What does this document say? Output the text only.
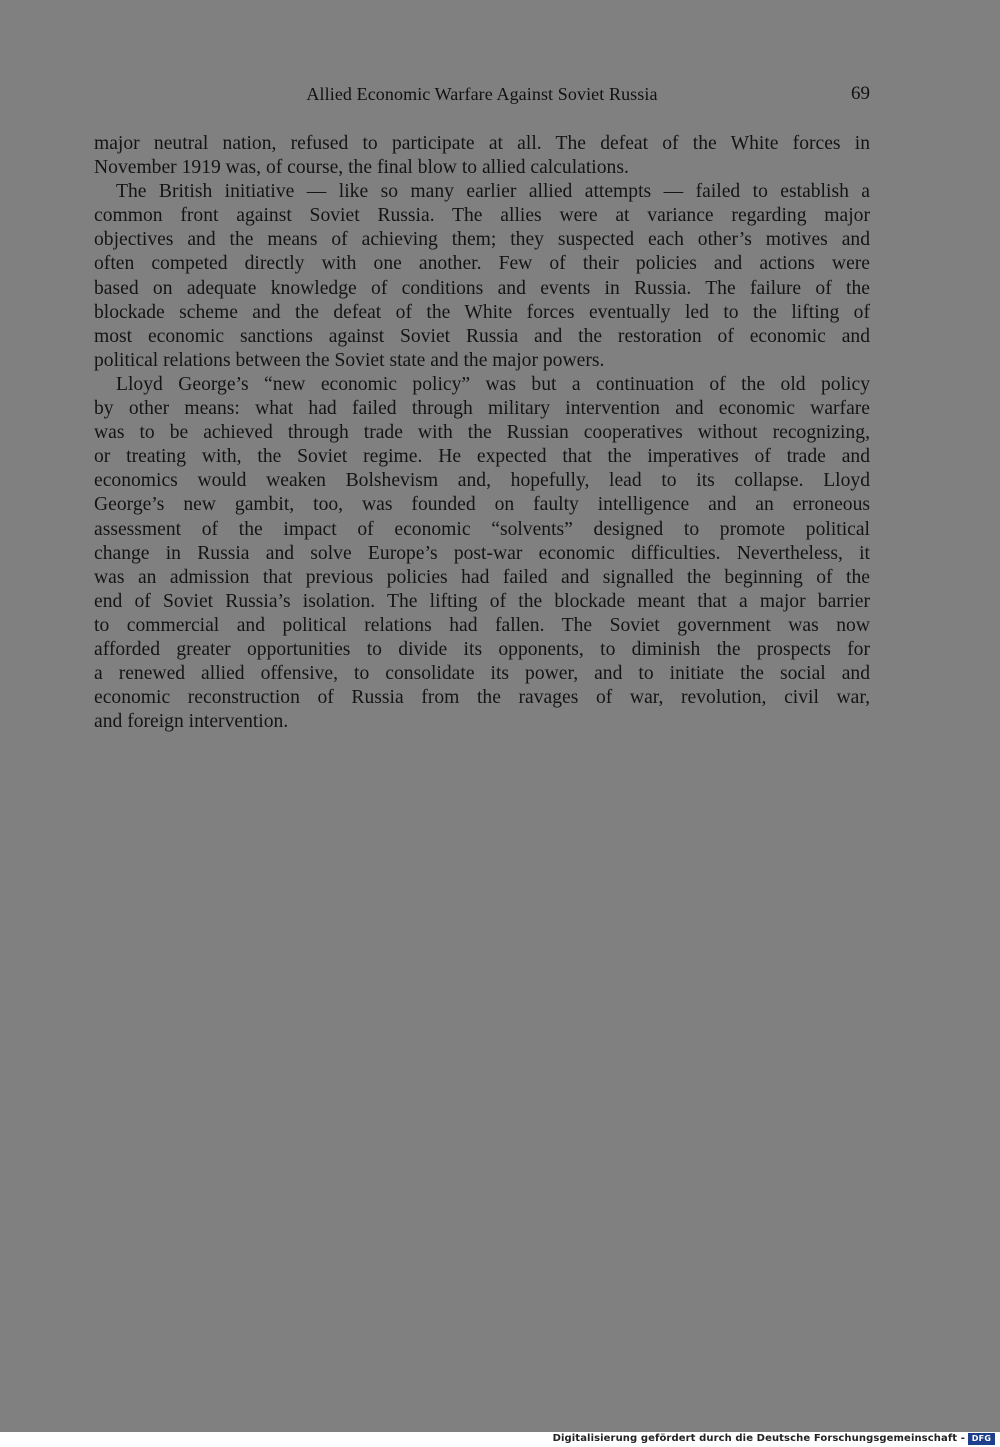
Allied Economic Warfare Against Soviet Russia	69
major neutral nation, refused to participate at all. The defeat of the White forces in
November 1919 was, of course, the final blow to allied calculations.
The British initiative — like so many earlier allied attempts — failed to establish a
common front against Soviet Russia. The allies were at variance regarding major
objectives and the means of achieving them; they suspected each other’s motives and
often competed directly with one another. Few of their policies and actions were
based on adequate knowledge of conditions and events in Russia. The failure of the
blockade scheme and the defeat of the White forces eventually led to the lifting of
most economic sanctions against Soviet Russia and the restoration of economic and
political relations between the Soviet state and the major powers.
Lloyd George’s “new economic policy” was but a continuation of the old policy
by other means: what had failed through military intervention and economic warfare
was to be achieved through trade with the Russian cooperatives without recognizing,
or treating with, the Soviet regime. He expected that the imperatives of trade and
economics would weaken Bolshevism and, hopefully, lead to its collapse. Lloyd
George’s new gambit, too, was founded on faulty intelligence and an erroneous
assessment of the impact of economic “solvents” designed to promote political
change in Russia and solve Europe’s post-war economic difficulties. Nevertheless, it
was an admission that previous policies had failed and signalled the beginning of the
end of Soviet Russia’s isolation. The lifting of the blockade meant that a major barrier
to commercial and political relations had fallen. The Soviet government was now
afforded greater opportunities to divide its opponents, to diminish the prospects for
a renewed allied offensive, to consolidate its power, and to initiate the social and
economic reconstruction of Russia from the ravages of war, revolution, civil war,
and foreign intervention.
Digitalisierung gefördert durch die Deutsche Forschungsgemeinschaft - DFG
